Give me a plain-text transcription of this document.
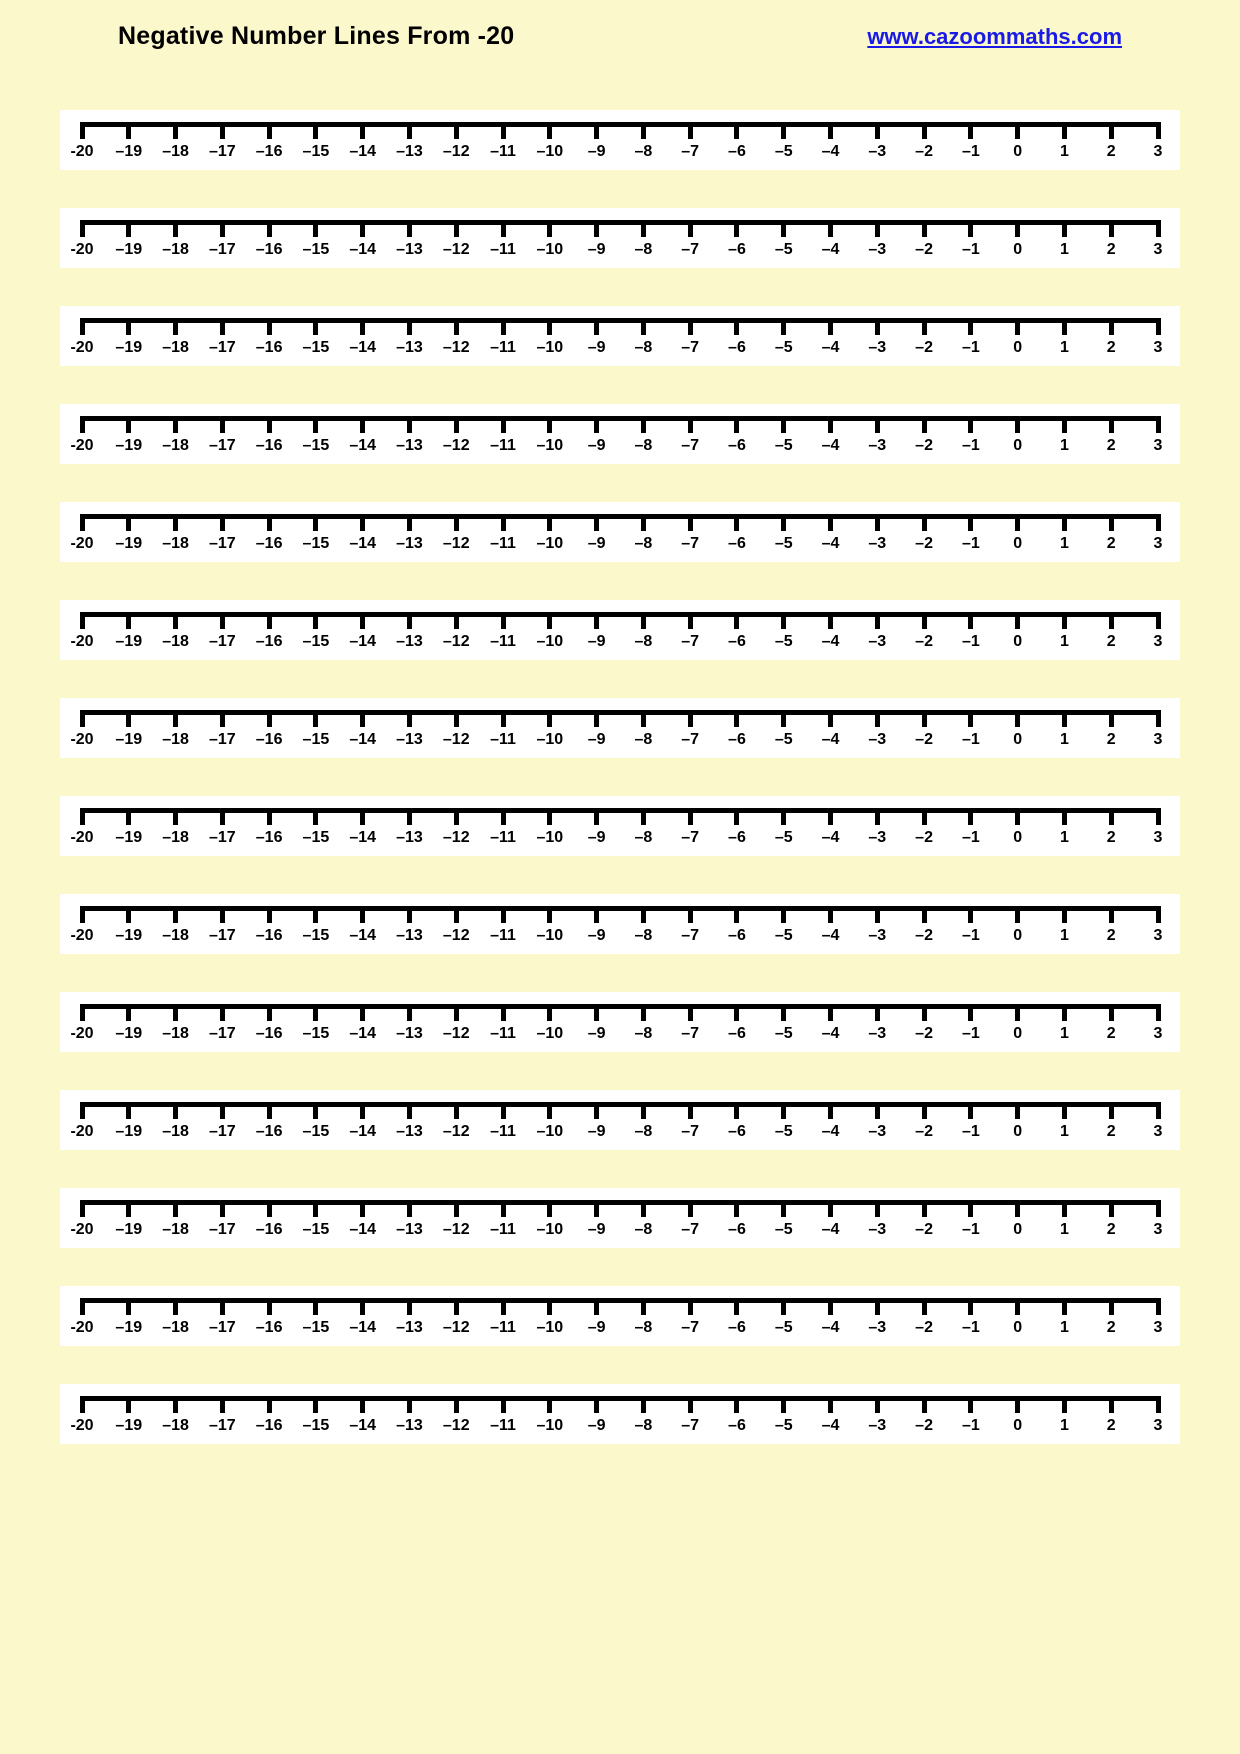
Negative Number Lines From -20	www.cazoommaths.com
-20	–19	–18	–17	–16	–15	–14	–13	–12	–11	–10	–9	–8	–7	–6	–5	–4	–3	–2	–1	0	1	2	3
-20	–19	–18	–17	–16	–15	–14	–13	–12	–11	–10	–9	–8	–7	–6	–5	–4	–3	–2	–1	0	1	2	3
-20	–19	–18	–17	–16	–15	–14	–13	–12	–11	–10	–9	–8	–7	–6	–5	–4	–3	–2	–1	0	1	2	3
-20	–19	–18	–17	–16	–15	–14	–13	–12	–11	–10	–9	–8	–7	–6	–5	–4	–3	–2	–1	0	1	2	3
-20	–19	–18	–17	–16	–15	–14	–13	–12	–11	–10	–9	–8	–7	–6	–5	–4	–3	–2	–1	0	1	2	3
-20	–19	–18	–17	–16	–15	–14	–13	–12	–11	–10	–9	–8	–7	–6	–5	–4	–3	–2	–1	0	1	2	3
-20	–19	–18	–17	–16	–15	–14	–13	–12	–11	–10	–9	–8	–7	–6	–5	–4	–3	–2	–1	0	1	2	3
-20	–19	–18	–17	–16	–15	–14	–13	–12	–11	–10	–9	–8	–7	–6	–5	–4	–3	–2	–1	0	1	2	3
-20	–19	–18	–17	–16	–15	–14	–13	–12	–11	–10	–9	–8	–7	–6	–5	–4	–3	–2	–1	0	1	2	3
-20	–19	–18	–17	–16	–15	–14	–13	–12	–11	–10	–9	–8	–7	–6	–5	–4	–3	–2	–1	0	1	2	3
-20	–19	–18	–17	–16	–15	–14	–13	–12	–11	–10	–9	–8	–7	–6	–5	–4	–3	–2	–1	0	1	2	3
-20	–19	–18	–17	–16	–15	–14	–13	–12	–11	–10	–9	–8	–7	–6	–5	–4	–3	–2	–1	0	1	2	3
-20	–19	–18	–17	–16	–15	–14	–13	–12	–11	–10	–9	–8	–7	–6	–5	–4	–3	–2	–1	0	1	2	3
-20	–19	–18	–17	–16	–15	–14	–13	–12	–11	–10	–9	–8	–7	–6	–5	–4	–3	–2	–1	0	1	2	3
